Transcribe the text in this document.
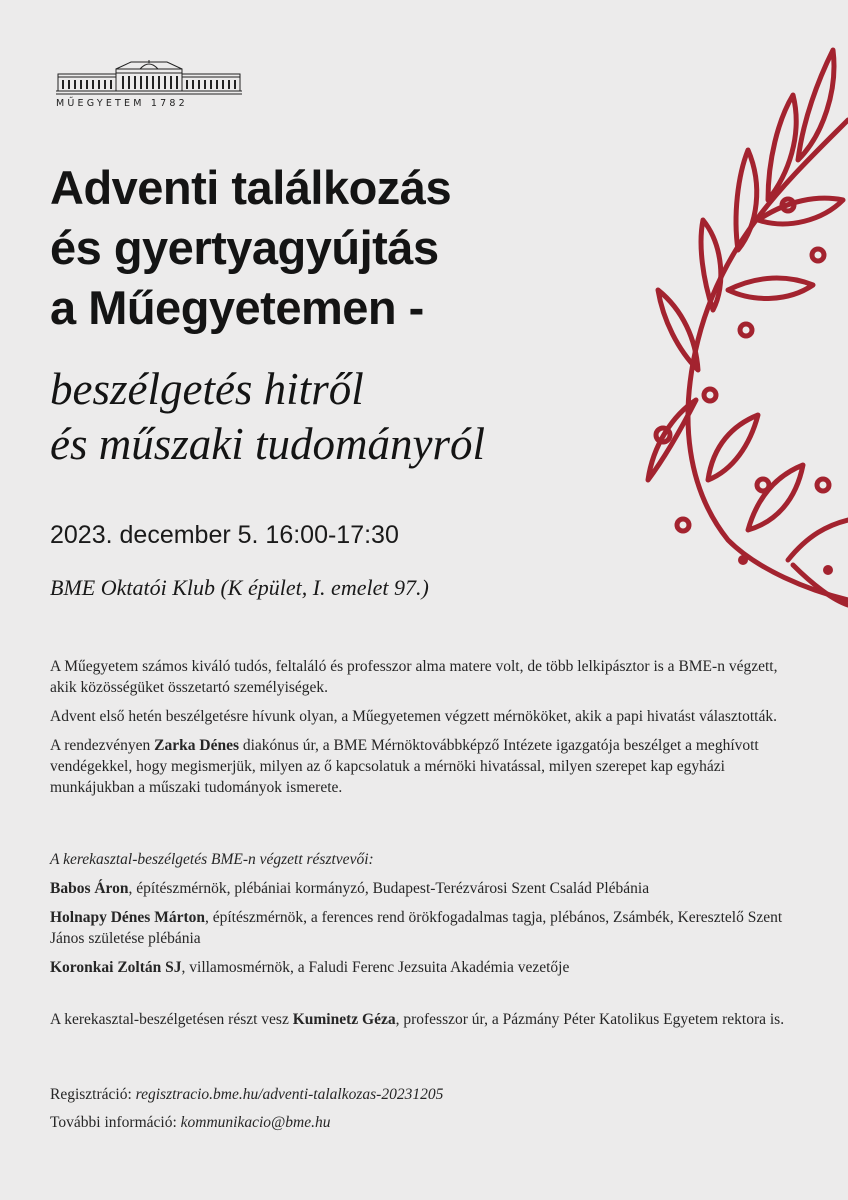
MŰEGYETEM 1782
Adventi találkozás
és gyertyagyújtás
a Műegyetemen -
beszélgetés hitről
és műszaki tudományról
2023. december 5. 16:00-17:30
BME Oktatói Klub (K épület, I. emelet 97.)

A Műegyetem számos kiváló tudós, feltaláló és professzor alma matere volt, de több lelkipásztor is a BME-n végzett, akik közösségüket összetartó személyiségek.

Advent első hetén beszélgetésre hívunk olyan, a Műegyetemen végzett mérnököket, akik a papi hivatást választották.

A rendezvényen Zarka Dénes diakónus úr, a BME Mérnöktovábbképző Intézete igazgatója beszélget a meghívott vendégekkel, hogy megismerjük, milyen az ő kapcsolatuk a mérnöki hivatással, milyen szerepet kap egyházi munkájukban a műszaki tudományok ismerete.

A kerekasztal-beszélgetés BME-n végzett résztvevői:

Babos Áron, építészmérnök, plébániai kormányzó, Budapest-Terézvárosi Szent Család Plébánia

Holnapy Dénes Márton, építészmérnök, a ferences rend örökfogadalmas tagja, plébános, Zsámbék, Keresztelő Szent János születése plébánia

Koronkai Zoltán SJ, villamosmérnök, a Faludi Ferenc Jezsuita Akadémia vezetője

A kerekasztal-beszélgetésen részt vesz Kuminetz Géza, professzor úr, a Pázmány Péter Katolikus Egyetem rektora is.

Regisztráció: regisztracio.bme.hu/adventi-talalkozas-20231205

További információ: kommunikacio@bme.hu
